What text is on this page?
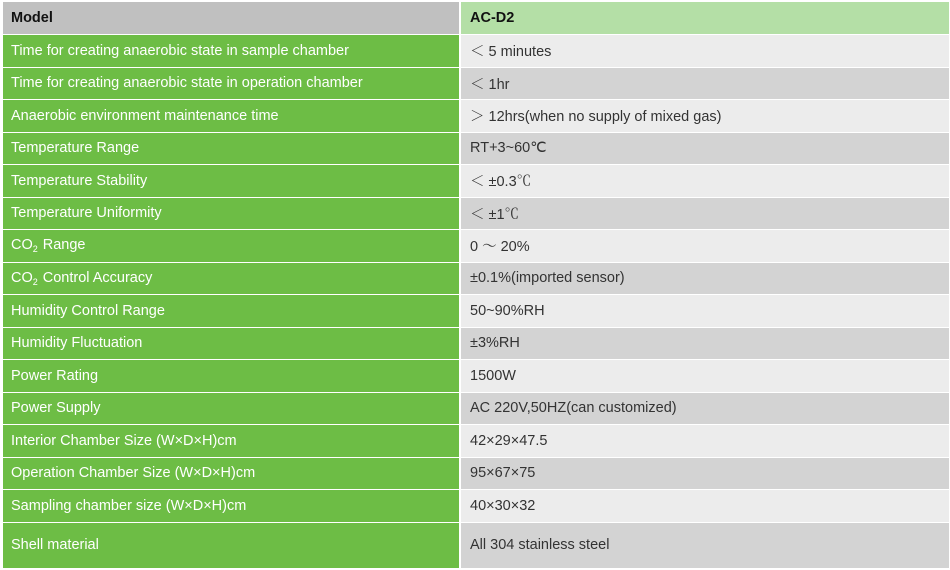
Model	AC-D2
Time for creating anaerobic state in sample chamber	＜ 5 minutes
Time for creating anaerobic state in operation chamber	＜ 1hr
Anaerobic environment maintenance time	＞ 12hrs(when no supply of mixed gas)
Temperature Range	RT+3~60℃
Temperature Stability	＜ ±0.3℃
Temperature Uniformity	＜ ±1℃
$CO_2$ Range	0 ～ 20%
$CO_2$ Control Accuracy	±0.1%(imported sensor)
Humidity Control Range	50~90%RH
Humidity Fluctuation	±3%RH
Power Rating	1500W
Power Supply	AC 220V,50HZ(can customized)
Interior Chamber Size (W×D×H)cm	42×29×47.5
Operation Chamber Size (W×D×H)cm	95×67×75
Sampling chamber size (W×D×H)cm	40×30×32
Shell material	All 304 stainless steel
